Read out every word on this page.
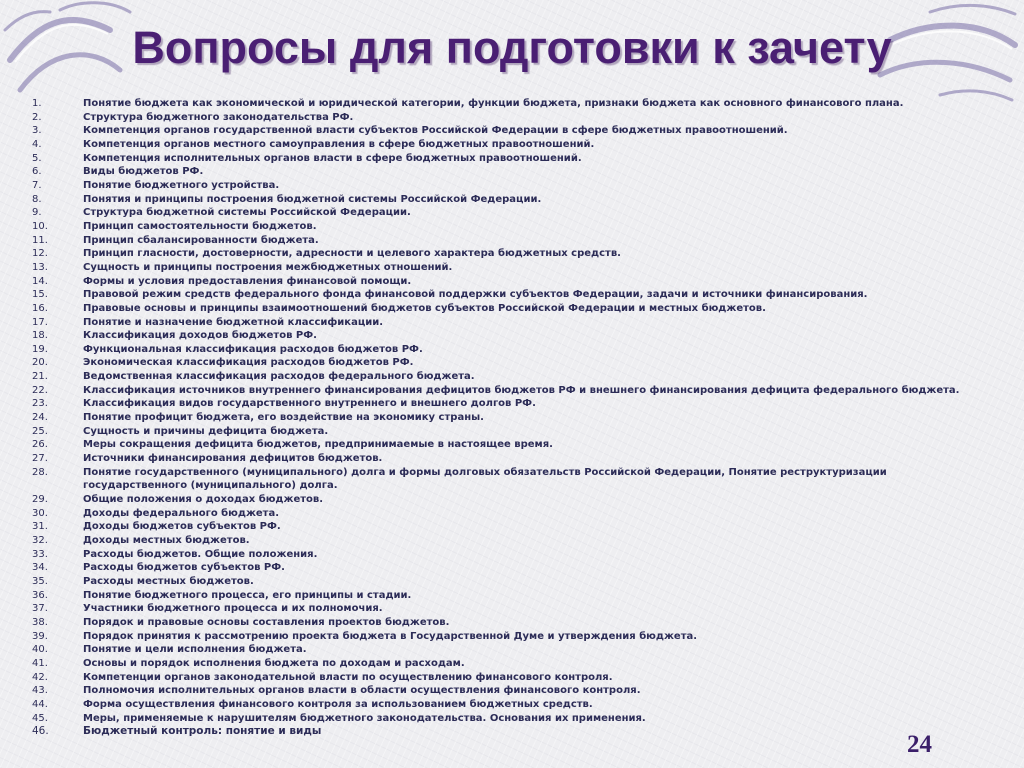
Вопросы для подготовки к зачету
1.	Понятие бюджета как экономической и юридической категории, функции бюджета, признаки бюджета как основного финансового плана.
2.	Структура бюджетного законодательства РФ.
3.	Компетенция органов государственной власти субъектов Российской Федерации в сфере бюджетных правоотношений.
4.	Компетенция органов местного самоуправления в сфере бюджетных правоотношений.
5.	Компетенция исполнительных органов власти в сфере бюджетных правоотношений.
6.	Виды бюджетов РФ.
7.	Понятие бюджетного устройства.
8.	Понятия и принципы построения бюджетной системы Российской Федерации.
9.	Структура бюджетной системы Российской Федерации.
10.	Принцип самостоятельности бюджетов.
11.	Принцип сбалансированности бюджета.
12.	Принцип гласности, достоверности, адресности и целевого характера бюджетных средств.
13.	Сущность и принципы построения межбюджетных отношений.
14.	Формы и условия предоставления финансовой помощи.
15.	Правовой режим средств федерального фонда финансовой поддержки субъектов Федерации, задачи и источники финансирования.
16.	Правовые основы и принципы взаимоотношений бюджетов субъектов Российской Федерации и местных бюджетов.
17.	Понятие и назначение бюджетной классификации.
18.	Классификация доходов бюджетов РФ.
19.	Функциональная классификация расходов бюджетов РФ.
20.	Экономическая классификация расходов бюджетов РФ.
21.	Ведомственная классификация расходов федерального бюджета.
22.	Классификация источников внутреннего финансирования дефицитов бюджетов РФ и внешнего финансирования дефицита федерального бюджета.
23.	Классификация видов государственного внутреннего и внешнего долгов РФ.
24.	Понятие профицит бюджета, его воздействие на экономику страны.
25.	Сущность и причины дефицита бюджета.
26.	Меры сокращения дефицита бюджетов, предпринимаемые в настоящее время.
27.	Источники финансирования дефицитов бюджетов.
28.	Понятие государственного (муниципального) долга и формы долговых обязательств Российской Федерации, Понятие реструктуризации государственного (муниципального) долга.
29.	Общие положения о доходах бюджетов.
30.	Доходы федерального бюджета.
31.	Доходы бюджетов субъектов РФ.
32.	Доходы местных бюджетов.
33.	Расходы бюджетов. Общие положения.
34.	Расходы бюджетов субъектов РФ.
35.	Расходы местных бюджетов.
36.	Понятие бюджетного процесса, его принципы и стадии.
37.	Участники бюджетного процесса и их полномочия.
38.	Порядок и правовые основы составления проектов бюджетов.
39.	Порядок принятия к рассмотрению проекта бюджета в Государственной Думе и утверждения бюджета.
40.	Понятие и цели исполнения бюджета.
41.	Основы и порядок исполнения бюджета по доходам и расходам.
42.	Компетенции органов законодательной власти по осуществлению финансового контроля.
43.	Полномочия исполнительных органов власти в области осуществления финансового контроля.
44.	Форма осуществления финансового контроля за использованием бюджетных средств.
45.	Меры, применяемые к нарушителям бюджетного законодательства. Основания их применения.
46.	Бюджетный контроль: понятие и виды	24
